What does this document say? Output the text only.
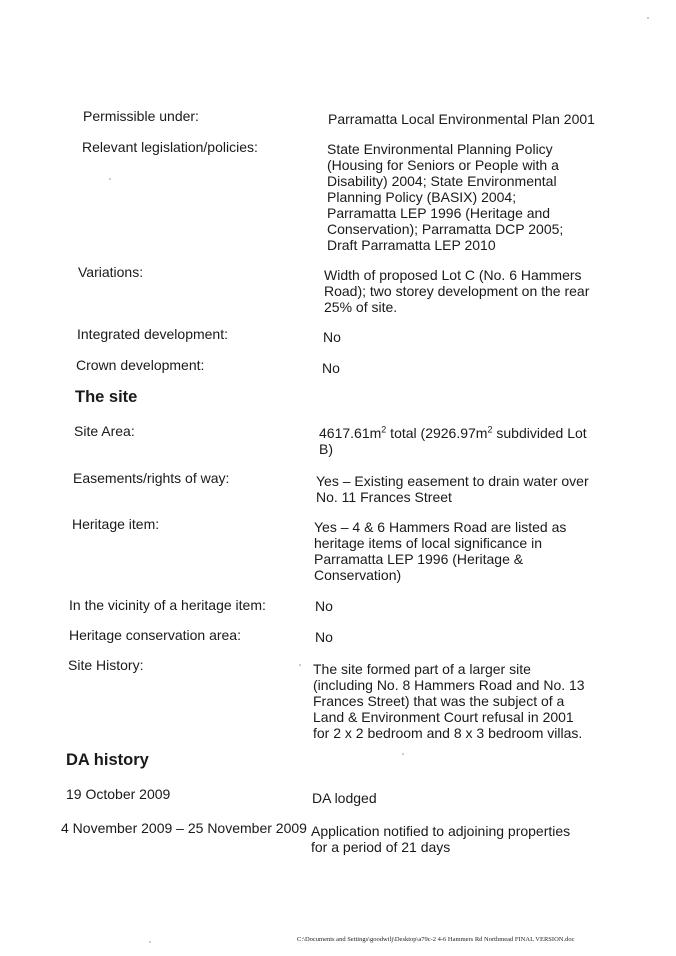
Permissible under:	Parramatta Local Environmental Plan 2001
Relevant legislation/policies:	State Environmental Planning Policy (Housing for Seniors or People with a Disability) 2004; State Environmental Planning Policy (BASIX) 2004; Parramatta LEP 1996 (Heritage and Conservation); Parramatta DCP 2005; Draft Parramatta LEP 2010
Variations:	Width of proposed Lot C (No. 6 Hammers Road); two storey development on the rear 25% of site.
Integrated development:	No
Crown development:	No
The site
Site Area:	$4617.61m^2$ total ($2926.97m^2$ subdivided Lot B)
Easements/rights of way:	Yes – Existing easement to drain water over No. 11 Frances Street
Heritage item:	Yes – 4 & 6 Hammers Road are listed as heritage items of local significance in Parramatta LEP 1996 (Heritage & Conservation)
In the vicinity of a heritage item:	No
Heritage conservation area:	No
Site History:	The site formed part of a larger site (including No. 8 Hammers Road and No. 13 Frances Street) that was the subject of a Land & Environment Court refusal in 2001 for 2 x 2 bedroom and 8 x 3 bedroom villas.
DA history
19 October 2009	DA lodged
4 November 2009 – 25 November 2009 Application notified to adjoining properties for a period of 21 days
C:\Documents and Settings\goodwilj\Desktop\a79c-2 4-6 Hammers Rd Northmead FINAL VERSION.doc
